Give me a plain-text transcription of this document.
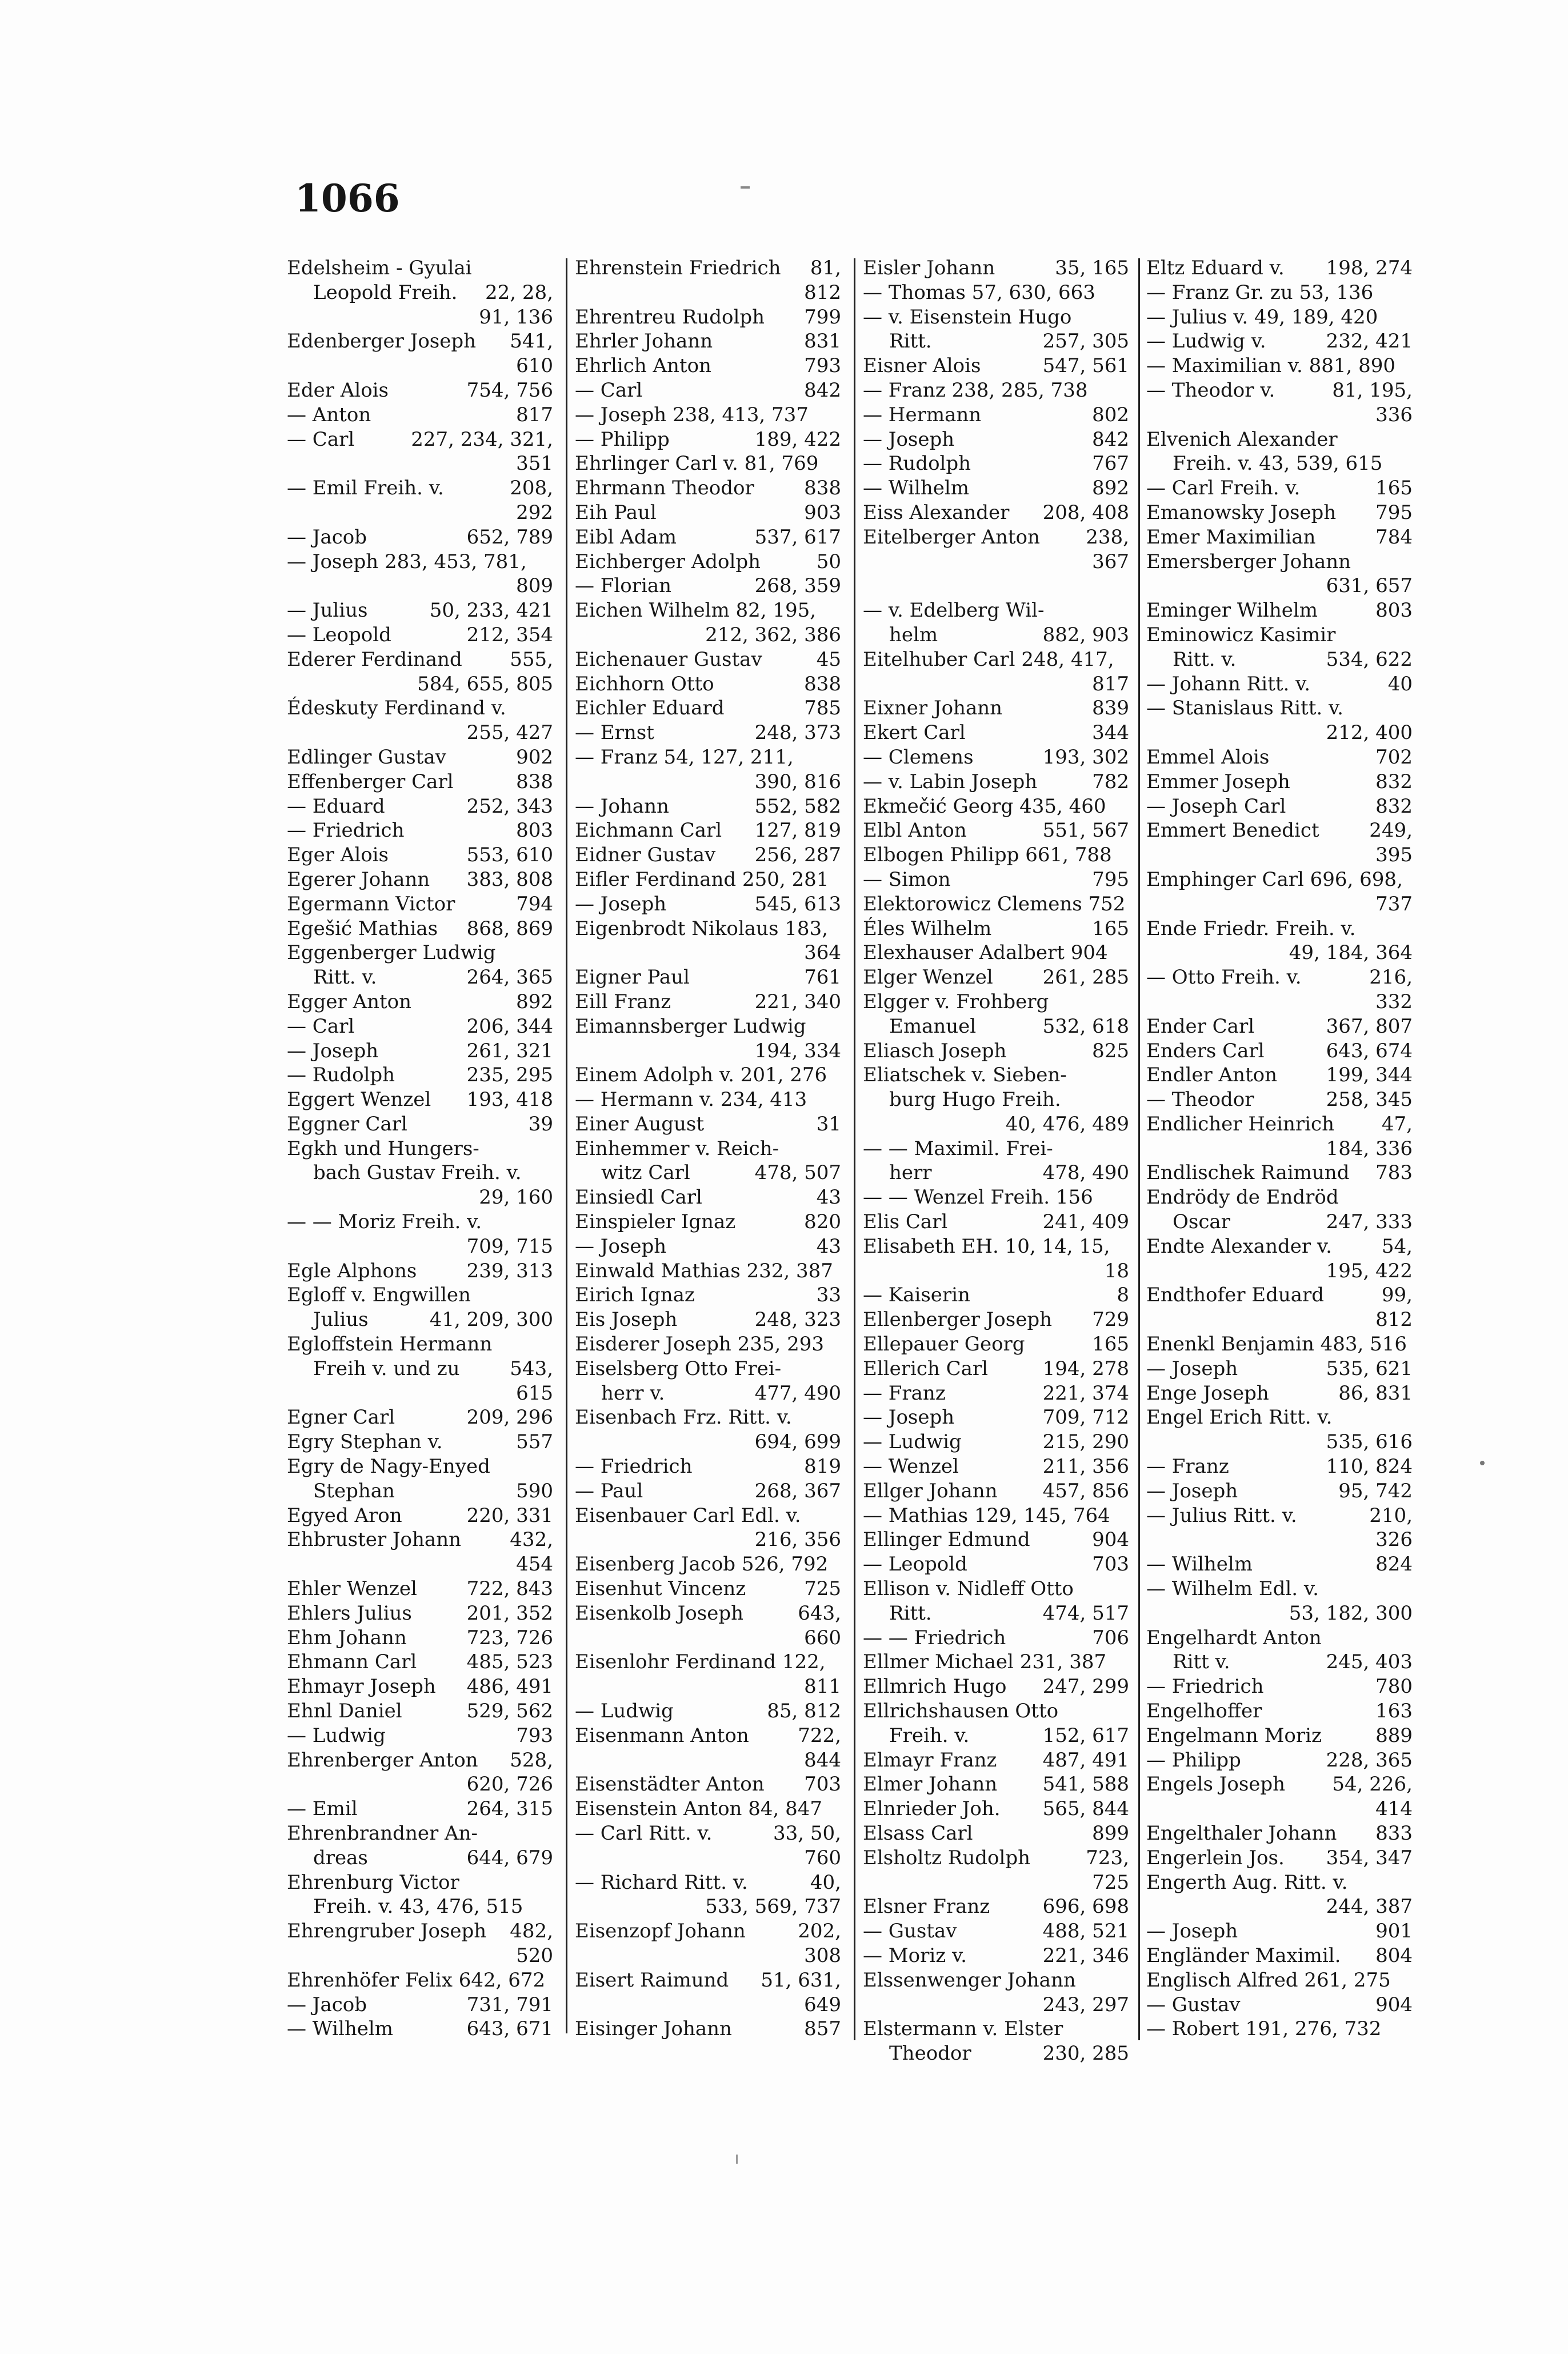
1066
Edelsheim - Gyulai
Leopold Freih. 22, 28,
91, 136
Edenberger Joseph 541,
610
Eder Alois	754, 756
— Anton	817
— Carl	227, 234, 321,
351
— Emil Freih. v.	208,
292
— Jacob	652, 789
— Joseph 283, 453, 781,
809
— Julius	50, 233, 421
— Leopold	212, 354
Ederer Ferdinand 555,
584, 655, 805
Édeskuty Ferdinand v.
255, 427
Edlinger Gustav	902
Effenberger Carl	838
— Eduard	252, 343
— Friedrich	803
Eger Alois	553, 610
Egerer Johann 383, 808
Egermann Victor	794
Egešić Mathias 868, 869
Eggenberger Ludwig
Ritt. v.	264, 365
Egger Anton	892
— Carl	206, 344
— Joseph	261, 321
— Rudolph	235, 295
Eggert Wenzel 193, 418
Eggner Carl	39
Egkh und Hungers-
bach Gustav Freih. v.
29, 160
— — Moriz Freih. v.
709, 715
Egle Alphons	239, 313
Egloff v. Engwillen
Julius	41, 209, 300
Egloffstein Hermann
Freih v. und zu	543,
615
Egner Carl	209, 296
Egry Stephan v.	557
Egry de Nagy-Enyed
Stephan	590
Egyed Aron	220, 331
Ehbruster Johann	432,
454
Ehler Wenzel	722, 843
Ehlers Julius	201, 352
Ehm Johann	723, 726
Ehmann Carl	485, 523
Ehmayr Joseph 486, 491
Ehnl Daniel	529, 562
— Ludwig	793
Ehrenberger Anton 528,
620, 726
— Emil	264, 315
Ehrenbrandner An-
dreas	644, 679
Ehrenburg Victor
Freih. v. 43, 476, 515
Ehrengruber Joseph 482,
520
Ehrenhöfer Felix 642, 672
— Jacob	731, 791
— Wilhelm	643, 671
Ehrenstein Friedrich 81,
812
Ehrentreu Rudolph 799
Ehrler Johann	831
Ehrlich Anton	793
— Carl	842
— Joseph 238, 413, 737
— Philipp	189, 422
Ehrlinger Carl v. 81, 769
Ehrmann Theodor	838
Eih Paul	903
Eibl Adam	537, 617
Eichberger Adolph	50
— Florian	268, 359
Eichen Wilhelm 82, 195,
212, 362, 386
Eichenauer Gustav	45
Eichhorn Otto	838
Eichler Eduard	785
— Ernst	248, 373
— Franz 54, 127, 211,
390, 816
— Johann	552, 582
Eichmann Carl 127, 819
Eidner Gustav 256, 287
Eifler Ferdinand 250, 281
— Joseph	545, 613
Eigenbrodt Nikolaus 183,
364
Eigner Paul	761
Eill Franz	221, 340
Eimannsberger Ludwig
194, 334
Einem Adolph v. 201, 276
— Hermann v. 234, 413
Einer August	31
Einhemmer v. Reich-
witz Carl	478, 507
Einsiedl Carl	43
Einspieler Ignaz	820
— Joseph	43
Einwald Mathias 232, 387
Eirich Ignaz	33
Eis Joseph	248, 323
Eisderer Joseph 235, 293
Eiselsberg Otto Frei-
herr v.	477, 490
Eisenbach Frz. Ritt. v.
694, 699
— Friedrich	819
— Paul	268, 367
Eisenbauer Carl Edl. v.
216, 356
Eisenberg Jacob 526, 792
Eisenhut Vincenz	725
Eisenkolb Joseph	643,
660
Eisenlohr Ferdinand 122,
811
— Ludwig	85, 812
Eisenmann Anton	722,
844
Eisenstädter Anton 703
Eisenstein Anton 84, 847
— Carl Ritt. v.	33, 50,
760
— Richard Ritt. v.	40,
533, 569, 737
Eisenzopf Johann	202,
308
Eisert Raimund 51, 631,
649
Eisinger Johann	857
Eisler Johann	35, 165
— Thomas 57, 630, 663
— v. Eisenstein Hugo
Ritt.	257, 305
Eisner Alois	547, 561
— Franz 238, 285, 738
— Hermann	802
— Joseph	842
— Rudolph	767
— Wilhelm	892
Eiss Alexander 208, 408
Eitelberger Anton 238,
367
— v. Edelberg Wil-
helm	882, 903
Eitelhuber Carl 248, 417,
817
Eixner Johann	839
Ekert Carl	344
— Clemens	193, 302
— v. Labin Joseph	782
Ekmečić Georg 435, 460
Elbl Anton	551, 567
Elbogen Philipp 661, 788
— Simon	795
Elektorowicz Clemens 752
Éles Wilhelm	165
Elexhauser Adalbert 904
Elger Wenzel	261, 285
Elgger v. Frohberg
Emanuel	532, 618
Eliasch Joseph	825
Eliatschek v. Sieben-
burg Hugo Freih.
40, 476, 489
— — Maximil. Frei-
herr	478, 490
— — Wenzel Freih. 156
Elis Carl	241, 409
Elisabeth EH. 10, 14, 15,
18
— Kaiserin	8
Ellenberger Joseph 729
Ellepauer Georg	165
Ellerich Carl	194, 278
— Franz	221, 374
— Joseph	709, 712
— Ludwig	215, 290
— Wenzel	211, 356
Ellger Johann 457, 856
— Mathias 129, 145, 764
Ellinger Edmund	904
— Leopold	703
Ellison v. Nidleff Otto
Ritt.	474, 517
— — Friedrich	706
Ellmer Michael 231, 387
Ellmrich Hugo 247, 299
Ellrichshausen Otto
Freih. v.	152, 617
Elmayr Franz 487, 491
Elmer Johann 541, 588
Elnrieder Joh. 565, 844
Elsass Carl	899
Elsholtz Rudolph	723,
725
Elsner Franz	696, 698
— Gustav	488, 521
— Moriz v.	221, 346
Elssenwenger Johann
243, 297
Elstermann v. Elster
Theodor	230, 285
Eltz Eduard v. 198, 274
— Franz Gr. zu 53, 136
— Julius v. 49, 189, 420
— Ludwig v.	232, 421
— Maximilian v. 881, 890
— Theodor v.	81, 195,
336
Elvenich Alexander
Freih. v. 43, 539, 615
— Carl Freih. v.	165
Emanowsky Joseph 795
Emer Maximilian	784
Emersberger Johann
631, 657
Eminger Wilhelm	803
Eminowicz Kasimir
Ritt. v.	534, 622
— Johann Ritt. v.	40
— Stanislaus Ritt. v.
212, 400
Emmel Alois	702
Emmer Joseph	832
— Joseph Carl	832
Emmert Benedict	249,
395
Emphinger Carl 696, 698,
737
Ende Friedr. Freih. v.
49, 184, 364
— Otto Freih. v.	216,
332
Ender Carl	367, 807
Enders Carl	643, 674
Endler Anton	199, 344
— Theodor	258, 345
Endlicher Heinrich 47,
184, 336
Endlischek Raimund 783
Endrödy de Endröd
Oscar	247, 333
Endte Alexander v.	54,
195, 422
Endthofer Eduard	99,
812
Enenkl Benjamin 483, 516
— Joseph	535, 621
Enge Joseph	86, 831
Engel Erich Ritt. v.
535, 616
— Franz	110, 824
— Joseph	95, 742
— Julius Ritt. v.	210,
326
— Wilhelm	824
— Wilhelm Edl. v.
53, 182, 300
Engelhardt Anton
Ritt v.	245, 403
— Friedrich	780
Engelhoffer	163
Engelmann Moriz	889
— Philipp	228, 365
Engels Joseph 54, 226,
414
Engelthaler Johann 833
Engerlein Jos. 354, 347
Engerth Aug. Ritt. v.
244, 387
— Joseph	901
Engländer Maximil. 804
Englisch Alfred 261, 275
— Gustav	904
— Robert 191, 276, 732
